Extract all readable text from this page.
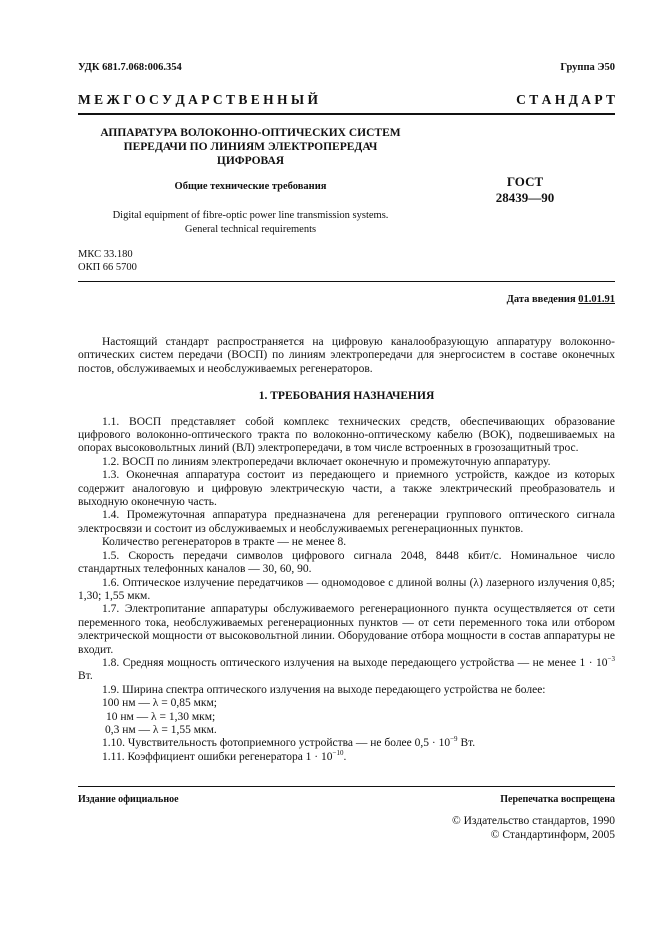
УДК 681.7.068:006.354	Группа Э50
М Е Ж Г О С У Д А Р С Т В Е Н Н Ы Й	С Т А Н Д А Р Т
АППАРАТУРА ВОЛОКОННО-ОПТИЧЕСКИХ СИСТЕМ
ПЕРЕДАЧИ ПО ЛИНИЯМ ЭЛЕКТРОПЕРЕДАЧ
ЦИФРОВАЯ
Общие технические требования	ГОСТ
28439—90
Digital equipment of fibre-optic power line transmission systems.
General technical requirements
МКС 33.180
ОКП 66 5700
Дата введения 01.01.91

Настоящий стандарт распространяется на цифровую каналообразующую аппаратуру волоконно-оптических систем передачи (ВОСП) по линиям электропередачи для энергосистем в составе оконечных постов, обслуживаемых и необслуживаемых регенераторов.

1. ТРЕБОВАНИЯ НАЗНАЧЕНИЯ

1.1. ВОСП представляет собой комплекс технических средств, обеспечивающих образование цифрового волоконно-оптического тракта по волоконно-оптическому кабелю (ВОК), подвешиваемых на опорах высоковольтных линий (ВЛ) электропередачи, в том числе встроенных в грозозащитный трос.

1.2. ВОСП по линиям электропередачи включает оконечную и промежуточную аппаратуру.

1.3. Оконечная аппаратура состоит из передающего и приемного устройств, каждое из которых содержит аналоговую и цифровую электрическую части, а также электрический преобразователь и выходную оконечную часть.

1.4. Промежуточная аппаратура предназначена для регенерации группового оптического сигнала электросвязи и состоит из обслуживаемых и необслуживаемых регенерационных пунктов.

Количество регенераторов в тракте — не менее 8.

1.5. Скорость передачи символов цифрового сигнала 2048, 8448 кбит/с. Номинальное число стандартных телефонных каналов — 30, 60, 90.

1.6. Оптическое излучение передатчиков — одномодовое с длиной волны (λ) лазерного излучения 0,85; 1,30; 1,55 мкм.

1.7. Электропитание аппаратуры обслуживаемого регенерационного пункта осуществляется от сети переменного тока, необслуживаемых регенерационных пунктов — от сети переменного тока или отбором электрической мощности от высоковольтной линии. Оборудование отбора мощности в состав аппаратуры не входит.

1.8. Средняя мощность оптического излучения на выходе передающего устройства — не менее $1 \cdot 10^{-3}$ Вт.

1.9. Ширина спектра оптического излучения на выходе передающего устройства не более:

100 нм — λ = 0,85 мкм;

10 нм — λ = 1,30 мкм;

0,3 нм — λ = 1,55 мкм.

1.10. Чувствительность фотоприемного устройства — не более $0,5 \cdot 10^{-9}$ Вт.

1.11. Коэффициент ошибки регенератора $1 \cdot 10^{-10}$.

Издание официальное	Перепечатка воспрещена
© Издательство стандартов, 1990
© Стандартинформ, 2005
